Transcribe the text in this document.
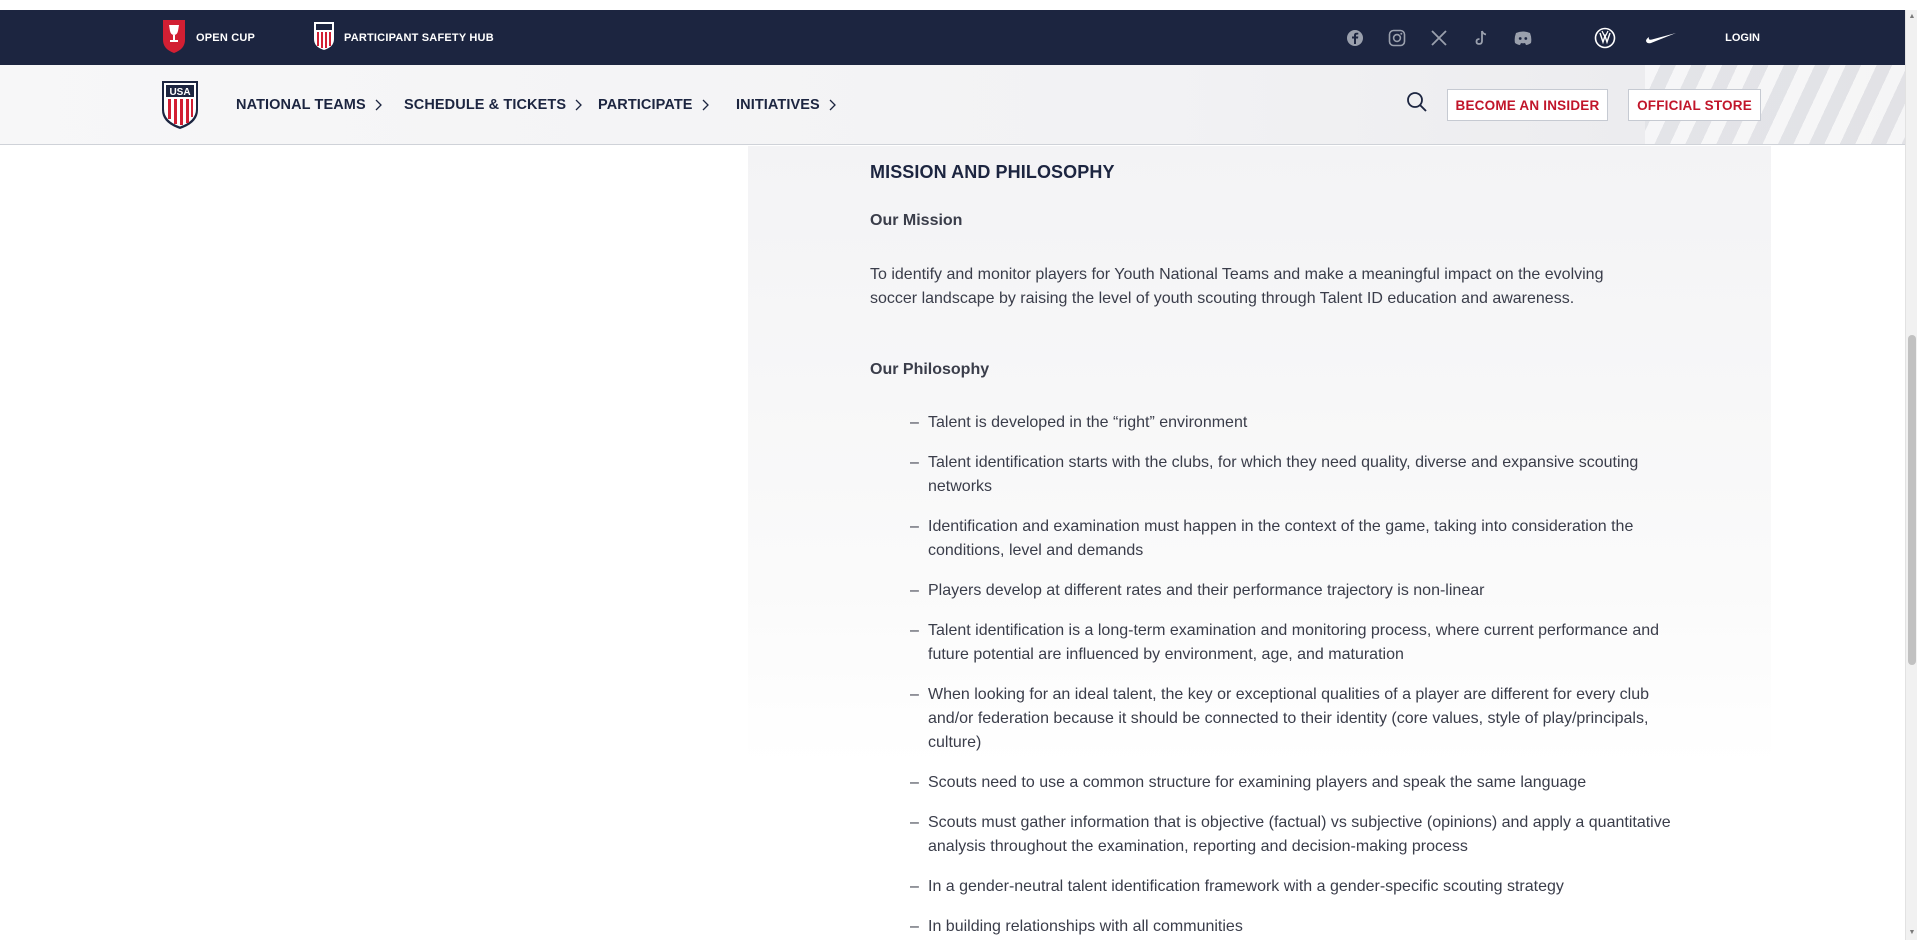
OPEN CUP	PARTICIPANT SAFETY HUB	LOGIN
USA
NATIONAL TEAMS	SCHEDULE & TICKETS PARTICIPATE	INITIATIVES	BECOME AN INSIDER	OFFICIAL STORE
MISSION AND PHILOSOPHY
Our Mission

To identify and monitor players for Youth National Teams and make a meaningful impact on the evolving soccer landscape by raising the level of youth scouting through Talent ID education and awareness.

Our Philosophy
– Talent is developed in the “right” environment
– Talent identification starts with the clubs, for which they need quality, diverse and expansive scouting networks
– Identification and examination must happen in the context of the game, taking into consideration the conditions, level and demands
– Players develop at different rates and their performance trajectory is non-linear
– Talent identification is a long-term examination and monitoring process, where current performance and future potential are influenced by environment, age, and maturation
– When looking for an ideal talent, the key or exceptional qualities of a player are different for every club and/or federation because it should be connected to their identity (core values, style of play/principals, culture)
– Scouts need to use a common structure for examining players and speak the same language
– Scouts must gather information that is objective (factual) vs subjective (opinions) and apply a quantitative analysis throughout the examination, reporting and decision-making process
– In a gender-neutral talent identification framework with a gender-specific scouting strategy
– In building relationships with all communities
▲
▼
